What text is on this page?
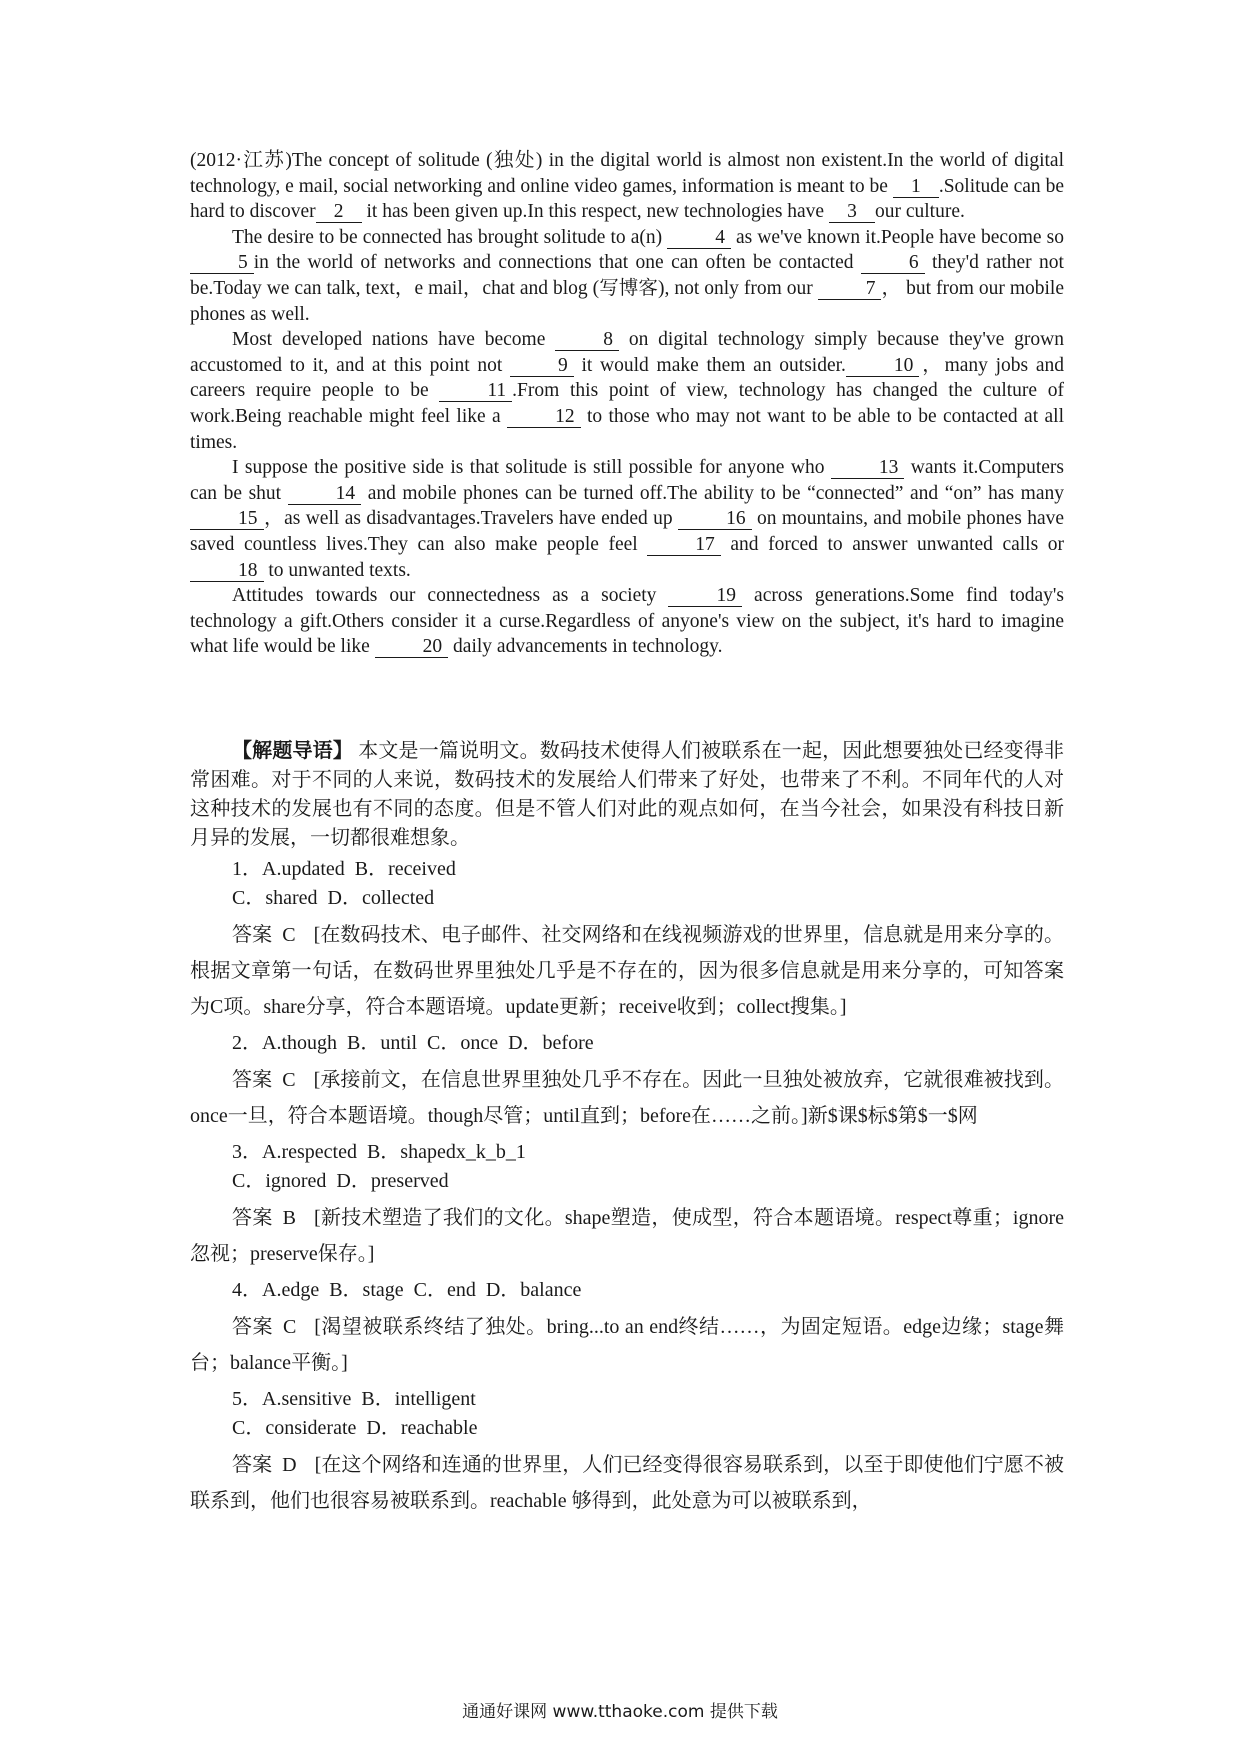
(2012·江苏)The concept of solitude (独处) in the digital world is almost non existent.In the world of digital technology, e mail, social networking and online video games, information is meant to be 1 .Solitude can be hard to discover 2 it has been given up.In this respect, new technologies have 3 our culture.

The desire to be connected has brought solitude to a(n) 4 as we've known it.People have become so 5 in the world of networks and connections that one can often be contacted 6 they'd rather not be.Today we can talk, text，e mail，chat and blog (写博客), not only from our 7 ， but from our mobile phones as well.

Most developed nations have become 8 on digital technology simply because they've grown accustomed to it, and at this point not 9 it would make them an outsider. 10 ，many jobs and careers require people to be 11 .From this point of view, technology has changed the culture of work.Being reachable might feel like a 12 to those who may not want to be able to be contacted at all times.

I suppose the positive side is that solitude is still possible for anyone who 13 wants it.Computers can be shut 14 and mobile phones can be turned off.The ability to be “connected” and “on” has many 15 ，as well as disadvantages.Travelers have ended up 16 on mountains, and mobile phones have saved countless lives.They can also make people feel 17 and forced to answer unwanted calls or 18 to unwanted texts.

Attitudes towards our connectedness as a society 19 across generations.Some find today's technology a gift.Others consider it a curse.Regardless of anyone's view on the subject, it's hard to imagine what life would be like 20 daily advancements in technology.

【解题导语】 本文是一篇说明文。数码技术使得人们被联系在一起，因此想要独处已经变得非常困难。对于不同的人来说，数码技术的发展给人们带来了好处，也带来了不利。不同年代的人对这种技术的发展也有不同的态度。但是不管人们对此的观点如何，在当今社会，如果没有科技日新月异的发展，一切都很难想象。

1．A.updated  B．received

C．shared  D．collected

答案 C [在数码技术、电子邮件、社交网络和在线视频游戏的世界里，信息就是用来分享的。根据文章第一句话，在数码世界里独处几乎是不存在的，因为很多信息就是用来分享的，可知答案为C项。share分享，符合本题语境。update更新；receive收到；collect搜集。]

2．A.though  B．until  C．once  D．before

答案 C [承接前文，在信息世界里独处几乎不存在。因此一旦独处被放弃，它就很难被找到。once一旦，符合本题语境。though尽管；until直到；before在……之前。]新$课$标$第$一$网

3．A.respected  B．shapedx_k_b_1

C．ignored  D．preserved

答案 B [新技术塑造了我们的文化。shape塑造，使成型，符合本题语境。respect尊重；ignore忽视；preserve保存。]

4．A.edge  B．stage  C．end  D．balance

答案 C [渴望被联系终结了独处。bring...to an end终结……，为固定短语。edge边缘；stage舞台；balance平衡。]

5．A.sensitive  B．intelligent

C．considerate  D．reachable

答案 D [在这个网络和连通的世界里，人们已经变得很容易联系到，以至于即使他们宁愿不被联系到，他们也很容易被联系到。reachable 够得到，此处意为可以被联系到，

通通好课网 www.tthaoke.com 提供下载
